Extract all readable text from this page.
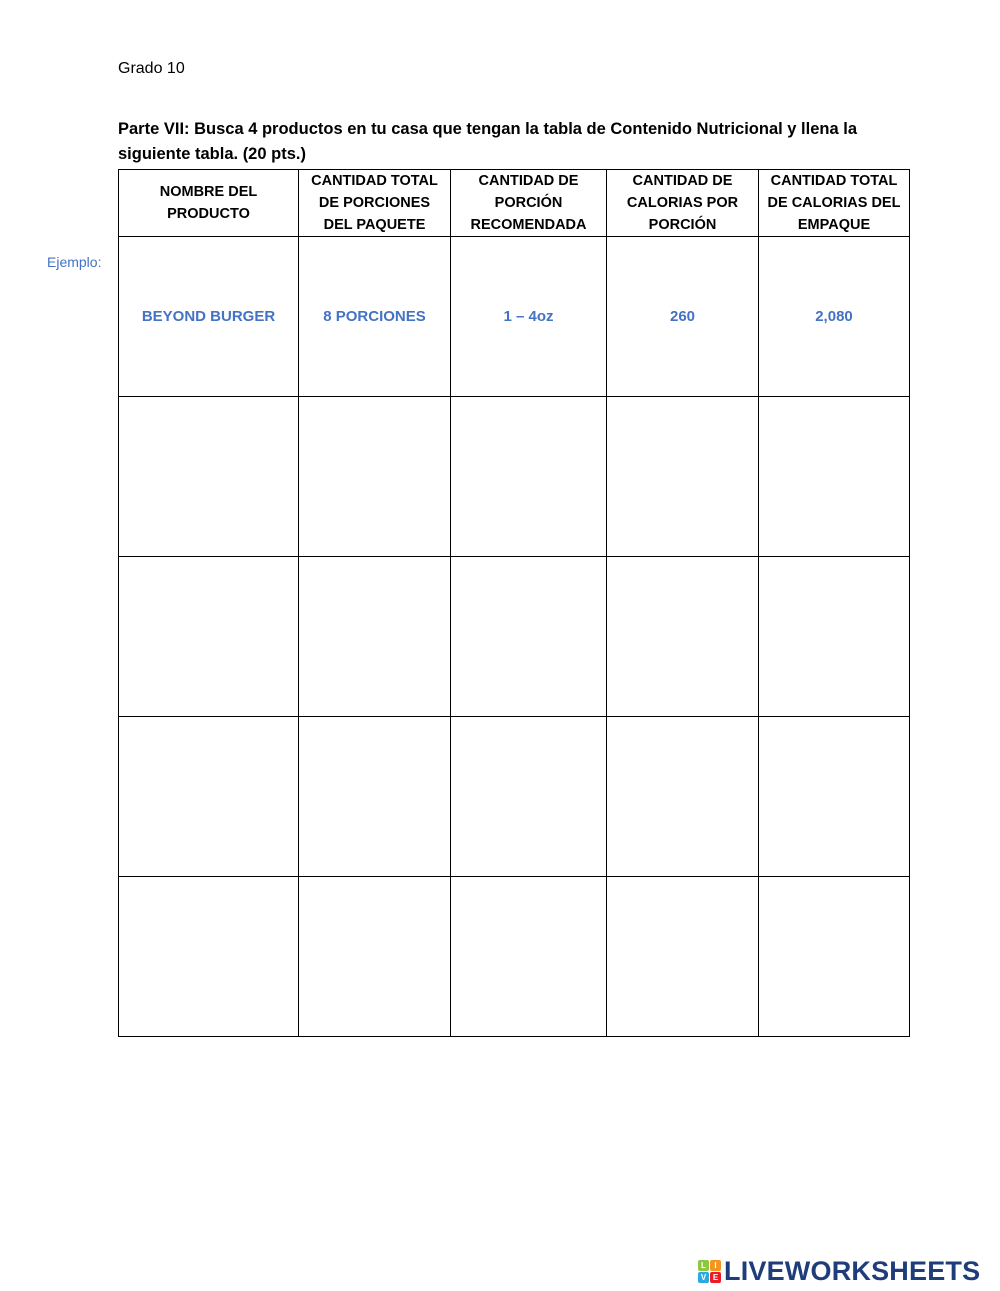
Grado 10
Parte VII: Busca 4 productos en tu casa que tengan la tabla de Contenido Nutricional y llena la siguiente tabla. (20 pts.)
Ejemplo:
NOMBRE DEL PRODUCTO	CANTIDAD TOTAL DE PORCIONES DEL PAQUETE	CANTIDAD DE PORCIÓN RECOMENDADA	CANTIDAD DE CALORIAS POR PORCIÓN	CANTIDAD TOTAL DE CALORIAS DEL EMPAQUE
BEYOND BURGER	8 PORCIONES	1 – 4oz	260	2,080

L	I
V E LIVEWORKSHEETS
